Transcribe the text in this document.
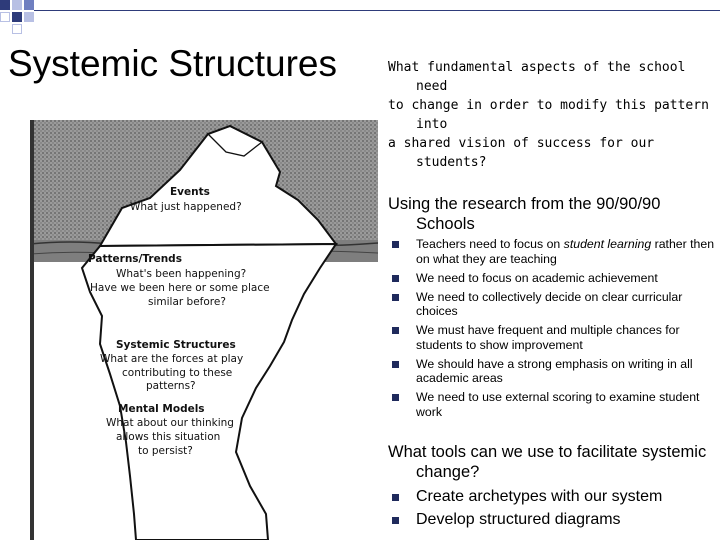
Systemic Structures	What fundamental aspects of the school need

to change in order to modify this pattern into

a shared vision of success for our students?

Using the research from the 90/90/90 Schools
Teachers need to focus on student learning rather then on what they are teaching
We need to focus on academic achievement
We need to collectively decide on clear curricular choices
We must have frequent and multiple chances for students to show improvement
We should have a strong emphasis on writing in all academic areas
We need to use external scoring to examine student work
What tools can we use to facilitate systemic change?
Create archetypes with our system
Develop structured diagrams
Events
What just happened?
Patterns/Trends
What's been happening?
Have we been here or some place
similar before?
Systemic Structures
What are the forces at play
contributing to these
patterns?
Mental Models
What about our thinking
allows this situation
to persist?
